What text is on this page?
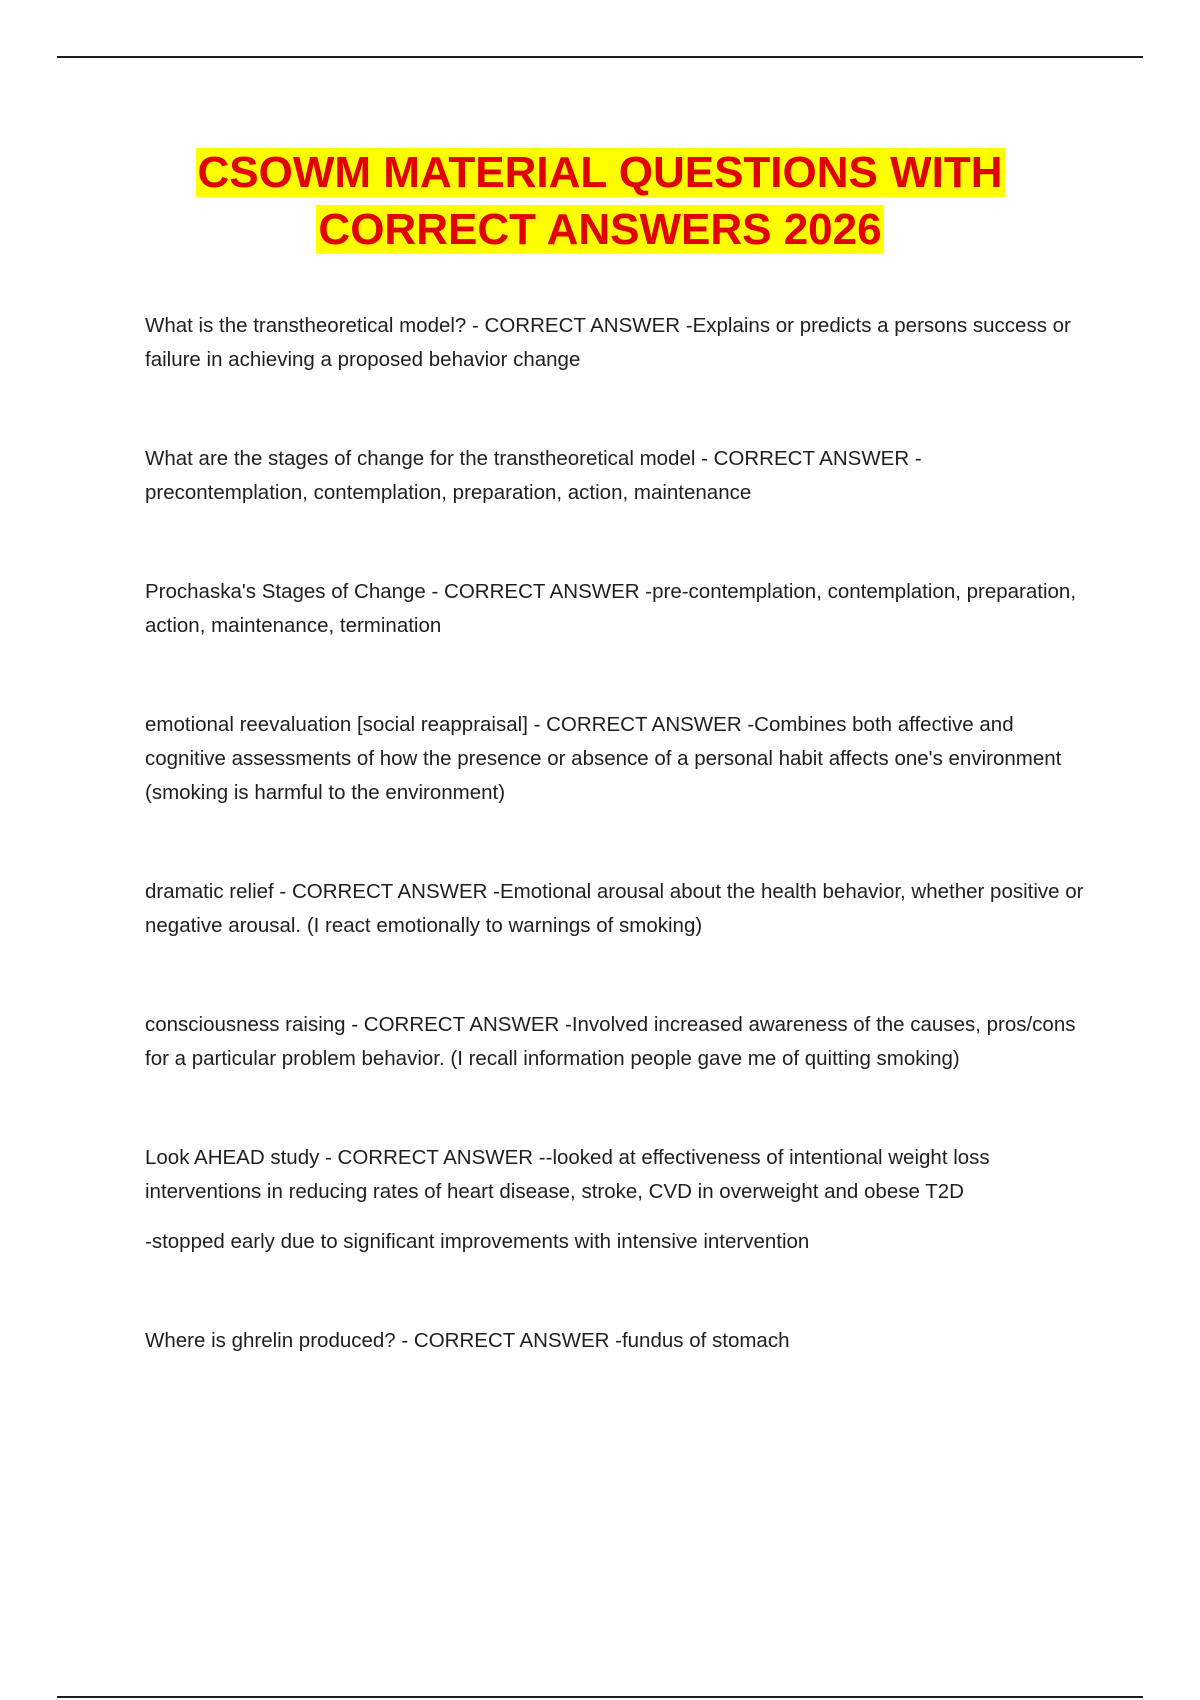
CSOWM MATERIAL QUESTIONS WITH
CORRECT ANSWERS 2026

What is the transtheoretical model? - CORRECT ANSWER -Explains or predicts a persons success or failure in achieving a proposed behavior change

What are the stages of change for the transtheoretical model - CORRECT ANSWER - precontemplation, contemplation, preparation, action, maintenance

Prochaska's Stages of Change - CORRECT ANSWER -pre-contemplation, contemplation, preparation, action, maintenance, termination

emotional reevaluation [social reappraisal] - CORRECT ANSWER -Combines both affective and cognitive assessments of how the presence or absence of a personal habit affects one's environment (smoking is harmful to the environment)

dramatic relief - CORRECT ANSWER -Emotional arousal about the health behavior, whether positive or negative arousal. (I react emotionally to warnings of smoking)

consciousness raising - CORRECT ANSWER -Involved increased awareness of the causes, pros/cons for a particular problem behavior. (I recall information people gave me of quitting smoking)

Look AHEAD study - CORRECT ANSWER --looked at effectiveness of intentional weight loss interventions in reducing rates of heart disease, stroke, CVD in overweight and obese T2D

-stopped early due to significant improvements with intensive intervention

Where is ghrelin produced? - CORRECT ANSWER -fundus of stomach
